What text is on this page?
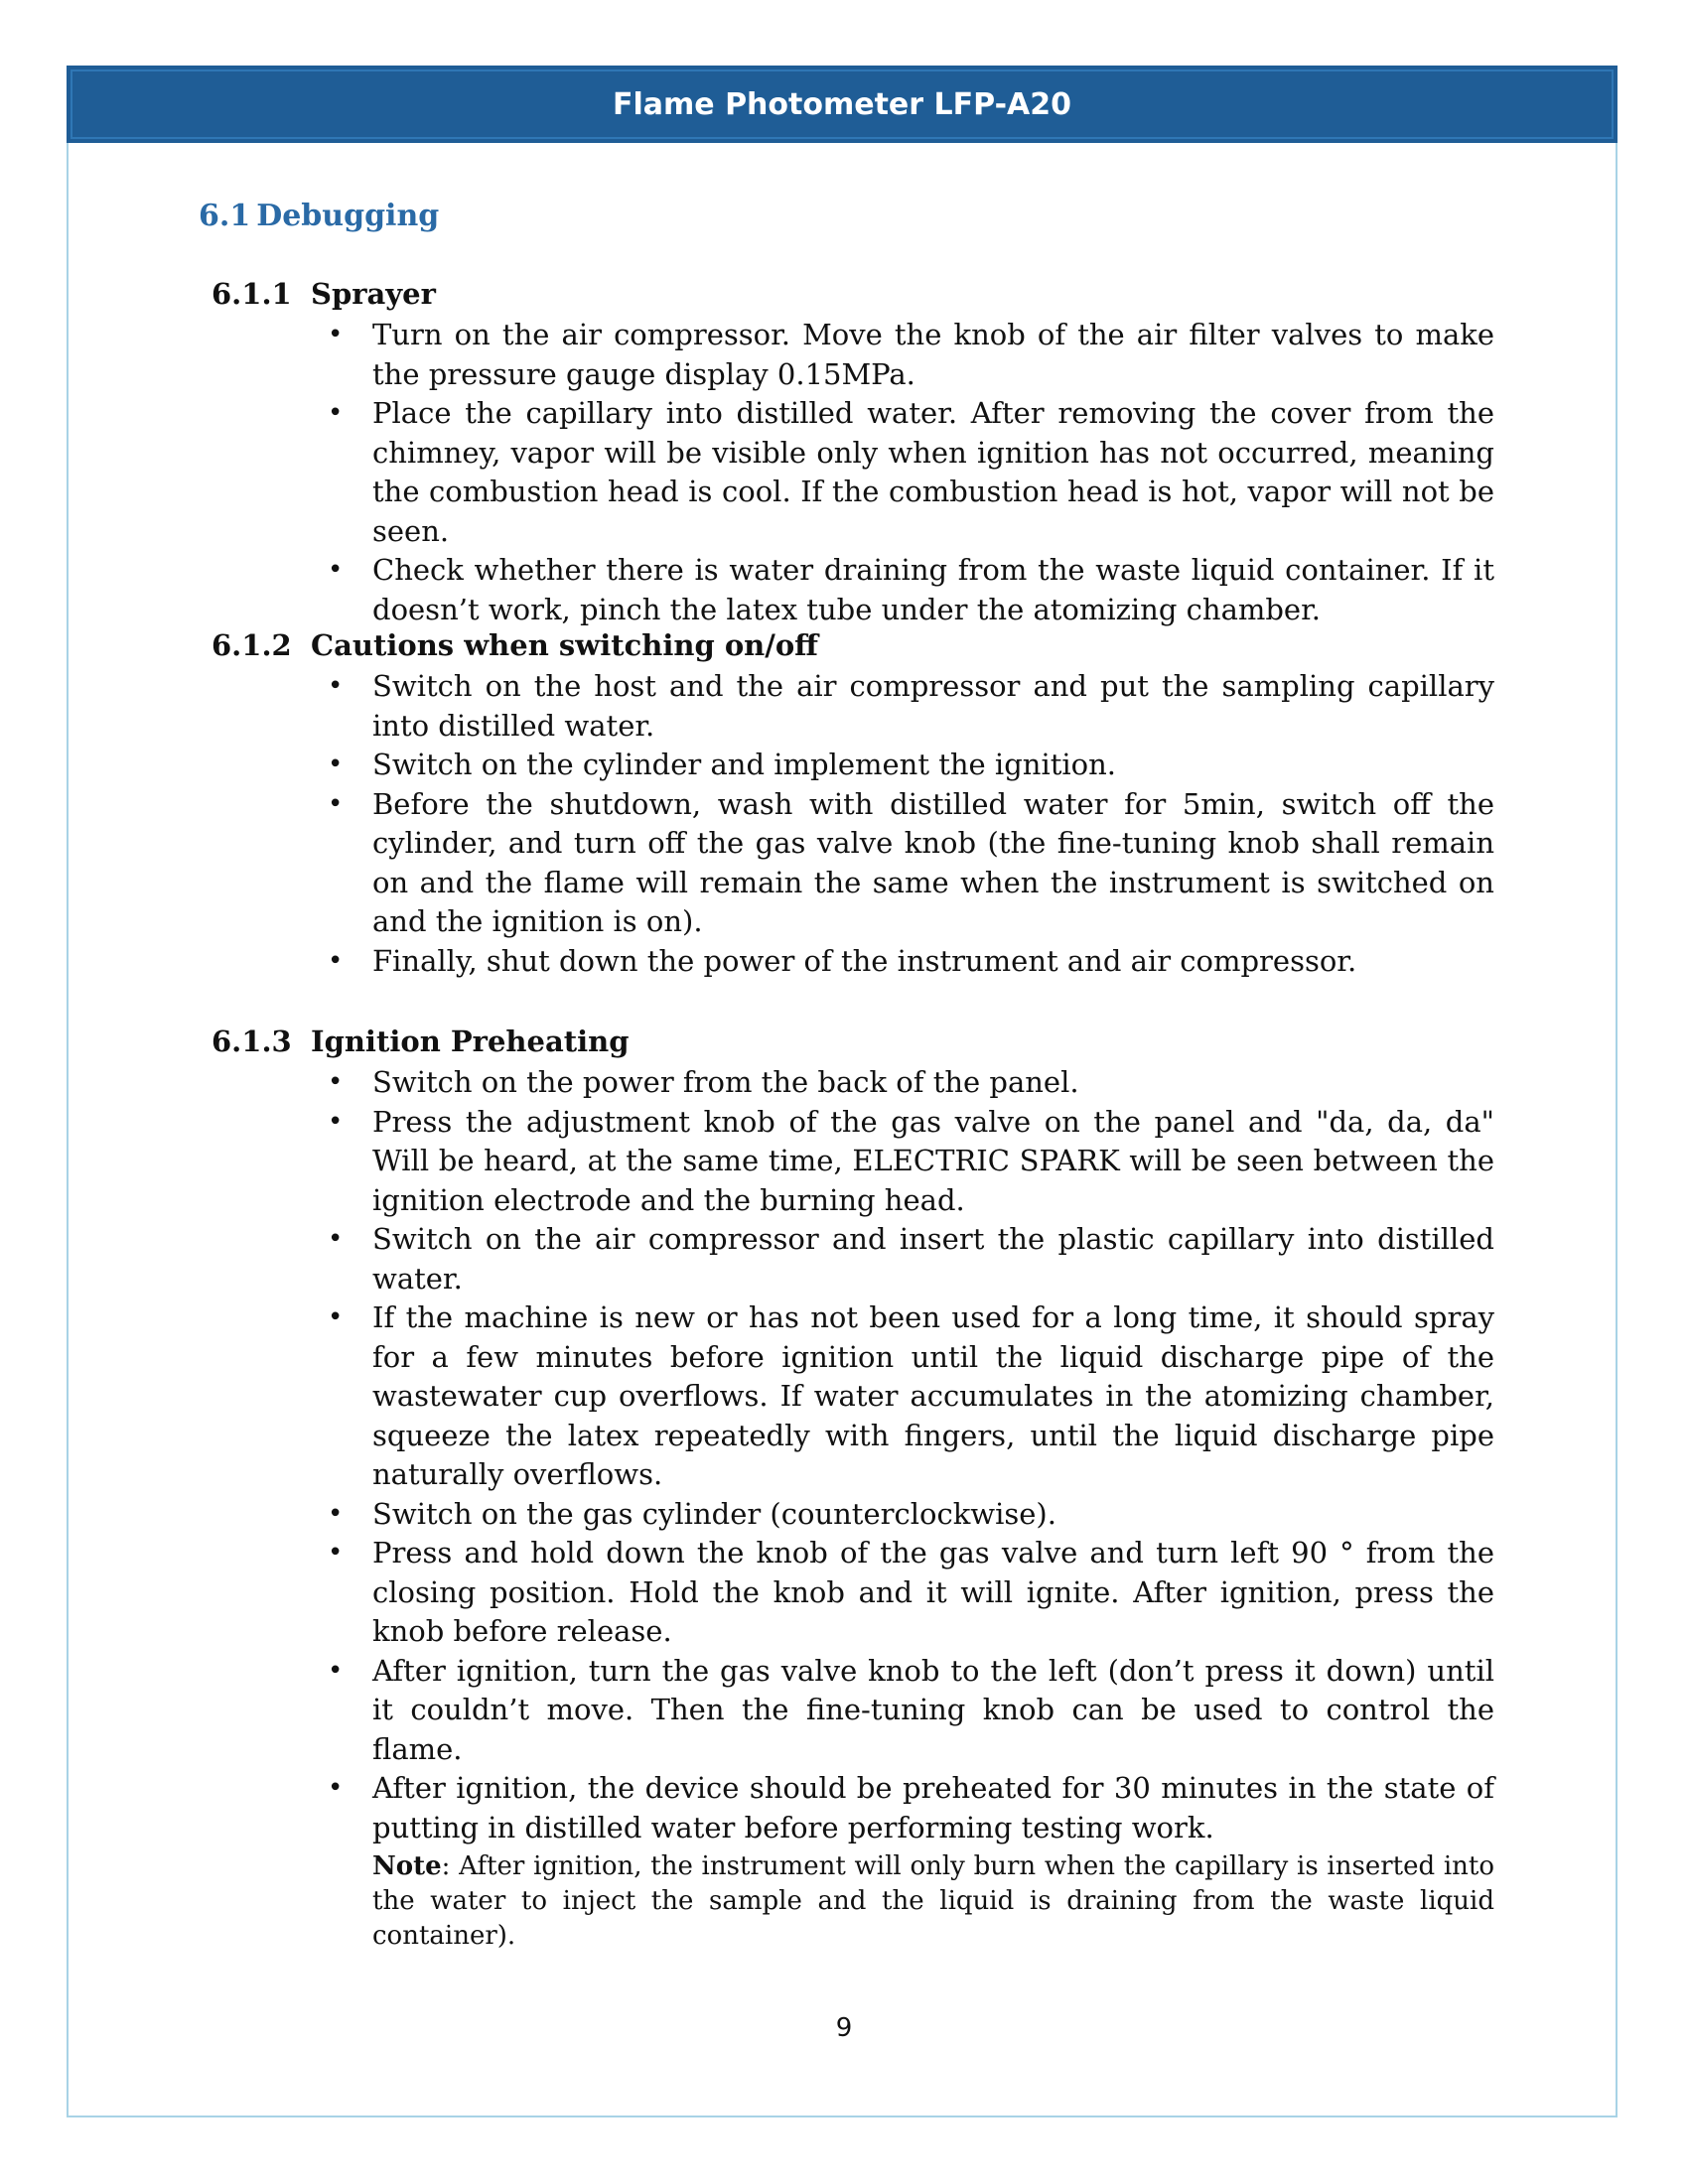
Flame Photometer LFP-A20
6.1 Debugging
6.1.1 Sprayer
• Turn on the air compressor. Move the knob of the air filter valves to make the pressure gauge display 0.15MPa.
• Place the capillary into distilled water. After removing the cover from the chimney, vapor will be visible only when ignition has not occurred, meaning the combustion head is cool. If the combustion head is hot, vapor will not be seen.
• Check whether there is water draining from the waste liquid container. If it doesn’t work, pinch the latex tube under the atomizing chamber.
6.1.2 Cautions when switching on/off
• Switch on the host and the air compressor and put the sampling capillary into distilled water.
• Switch on the cylinder and implement the ignition.
• Before the shutdown, wash with distilled water for 5min, switch off the cylinder, and turn off the gas valve knob (the fine-tuning knob shall remain on and the flame will remain the same when the instrument is switched on and the ignition is on).
• Finally, shut down the power of the instrument and air compressor.
6.1.3 Ignition Preheating
• Switch on the power from the back of the panel.
• Press the adjustment knob of the gas valve on the panel and "da, da, da" Will be heard, at the same time, ELECTRIC SPARK will be seen between the ignition electrode and the burning head.
• Switch on the air compressor and insert the plastic capillary into distilled water.
• If the machine is new or has not been used for a long time, it should spray for a few minutes before ignition until the liquid discharge pipe of the wastewater cup overflows. If water accumulates in the atomizing chamber, squeeze the latex repeatedly with fingers, until the liquid discharge pipe naturally overflows.
• Switch on the gas cylinder (counterclockwise).
• Press and hold down the knob of the gas valve and turn left 90 ° from the closing position. Hold the knob and it will ignite. After ignition, press the knob before release.
• After ignition, turn the gas valve knob to the left (don’t press it down) until it couldn’t move. Then the fine-tuning knob can be used to control the flame.
• After ignition, the device should be preheated for 30 minutes in the state of putting in distilled water before performing testing work.
Note: After ignition, the instrument will only burn when the capillary is inserted into the water to inject the sample and the liquid is draining from the waste liquid container).
9
